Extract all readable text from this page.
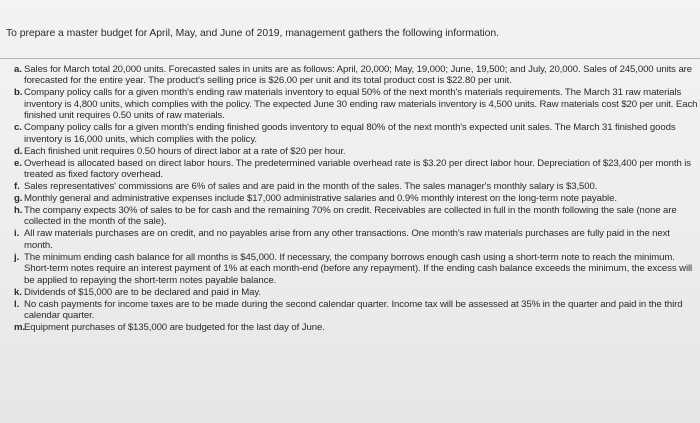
To prepare a master budget for April, May, and June of 2019, management gathers the following information.
a. Sales for March total 20,000 units. Forecasted sales in units are as follows: April, 20,000; May, 19,000; June, 19,500; and July, 20,000. Sales of 245,000 units are forecasted for the entire year. The product's selling price is $26.00 per unit and its total product cost is $22.80 per unit.
b. Company policy calls for a given month's ending raw materials inventory to equal 50% of the next month's materials requirements. The March 31 raw materials inventory is 4,800 units, which complies with the policy. The expected June 30 ending raw materials inventory is 4,500 units. Raw materials cost $20 per unit. Each finished unit requires 0.50 units of raw materials.
c. Company policy calls for a given month's ending finished goods inventory to equal 80% of the next month's expected unit sales. The March 31 finished goods inventory is 16,000 units, which complies with the policy.
d. Each finished unit requires 0.50 hours of direct labor at a rate of $20 per hour.
e. Overhead is allocated based on direct labor hours. The predetermined variable overhead rate is $3.20 per direct labor hour. Depreciation of $23,400 per month is treated as fixed factory overhead.
f. Sales representatives' commissions are 6% of sales and are paid in the month of the sales. The sales manager's monthly salary is $3,500.
g. Monthly general and administrative expenses include $17,000 administrative salaries and 0.9% monthly interest on the long-term note payable.
h. The company expects 30% of sales to be for cash and the remaining 70% on credit. Receivables are collected in full in the month following the sale (none are collected in the month of the sale).
i. All raw materials purchases are on credit, and no payables arise from any other transactions. One month's raw materials purchases are fully paid in the next month.
j. The minimum ending cash balance for all months is $45,000. If necessary, the company borrows enough cash using a short-term note to reach the minimum. Short-term notes require an interest payment of 1% at each month-end (before any repayment). If the ending cash balance exceeds the minimum, the excess will be applied to repaying the short-term notes payable balance.
k. Dividends of $15,000 are to be declared and paid in May.
l. No cash payments for income taxes are to be made during the second calendar quarter. Income tax will be assessed at 35% in the quarter and paid in the third calendar quarter.
m. Equipment purchases of $135,000 are budgeted for the last day of June.
